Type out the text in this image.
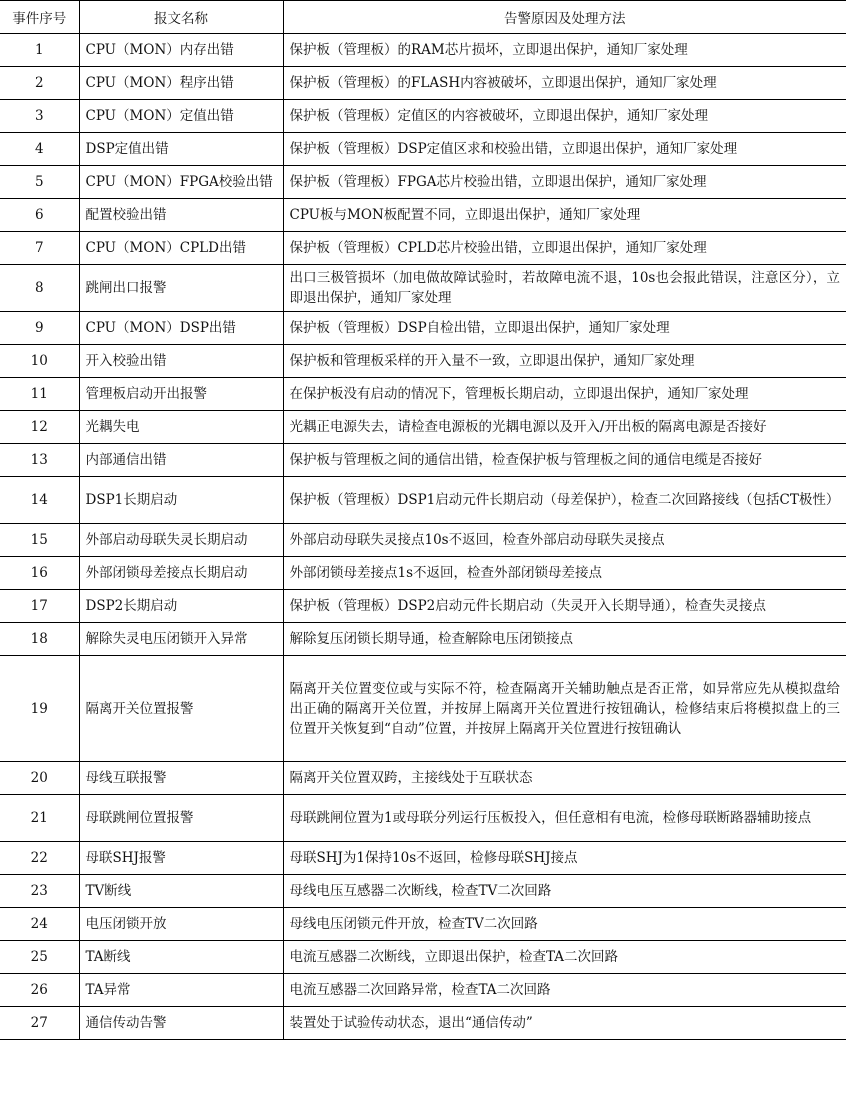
事件序号	报文名称	告警原因及处理方法
1	CPU（MON）内存出错	保护板（管理板）的RAM芯片损坏，立即退出保护，通知厂家处理
2	CPU（MON）程序出错	保护板（管理板）的FLASH内容被破坏，立即退出保护，通知厂家处理
3	CPU（MON）定值出错	保护板（管理板）定值区的内容被破坏，立即退出保护，通知厂家处理
4	DSP定值出错	保护板（管理板）DSP定值区求和校验出错，立即退出保护，通知厂家处理
5	CPU（MON）FPGA校验出错	保护板（管理板）FPGA芯片校验出错，立即退出保护，通知厂家处理
6	配置校验出错	CPU板与MON板配置不同，立即退出保护，通知厂家处理
7	CPU（MON）CPLD出错	保护板（管理板）CPLD芯片校验出错，立即退出保护，通知厂家处理
8	跳闸出口报警	出口三极管损坏（加电做故障试验时，若故障电流不退，10s也会报此错误，注意区分），立即退出保护，通知厂家处理
9	CPU（MON）DSP出错	保护板（管理板）DSP自检出错，立即退出保护，通知厂家处理
10	开入校验出错	保护板和管理板采样的开入量不一致，立即退出保护，通知厂家处理
11	管理板启动开出报警	在保护板没有启动的情况下，管理板长期启动，立即退出保护，通知厂家处理
12	光耦失电	光耦正电源失去，请检查电源板的光耦电源以及开入/开出板的隔离电源是否接好
13	内部通信出错	保护板与管理板之间的通信出错，检查保护板与管理板之间的通信电缆是否接好
14	DSP1长期启动	保护板（管理板）DSP1启动元件长期启动（母差保护），检查二次回路接线（包括CT极性）
15	外部启动母联失灵长期启动	外部启动母联失灵接点10s不返回，检查外部启动母联失灵接点
16	外部闭锁母差接点长期启动	外部闭锁母差接点1s不返回，检查外部闭锁母差接点
17	DSP2长期启动	保护板（管理板）DSP2启动元件长期启动（失灵开入长期导通），检查失灵接点
18	解除失灵电压闭锁开入异常	解除复压闭锁长期导通，检查解除电压闭锁接点
19	隔离开关位置报警	隔离开关位置变位或与实际不符，检查隔离开关辅助触点是否正常，如异常应先从模拟盘给出正确的隔离开关位置，并按屏上隔离开关位置进行按钮确认，检修结束后将模拟盘上的三位置开关恢复到“自动”位置，并按屏上隔离开关位置进行按钮确认
20	母线互联报警	隔离开关位置双跨，主接线处于互联状态
21	母联跳闸位置报警	母联跳闸位置为1或母联分列运行压板投入，但任意相有电流，检修母联断路器辅助接点
22	母联SHJ报警	母联SHJ为1保持10s不返回，检修母联SHJ接点
23	TV断线	母线电压互感器二次断线，检查TV二次回路
24	电压闭锁开放	母线电压闭锁元件开放，检查TV二次回路
25	TA断线	电流互感器二次断线，立即退出保护，检查TA二次回路
26	TA异常	电流互感器二次回路异常，检查TA二次回路
27	通信传动告警	装置处于试验传动状态，退出“通信传动”
